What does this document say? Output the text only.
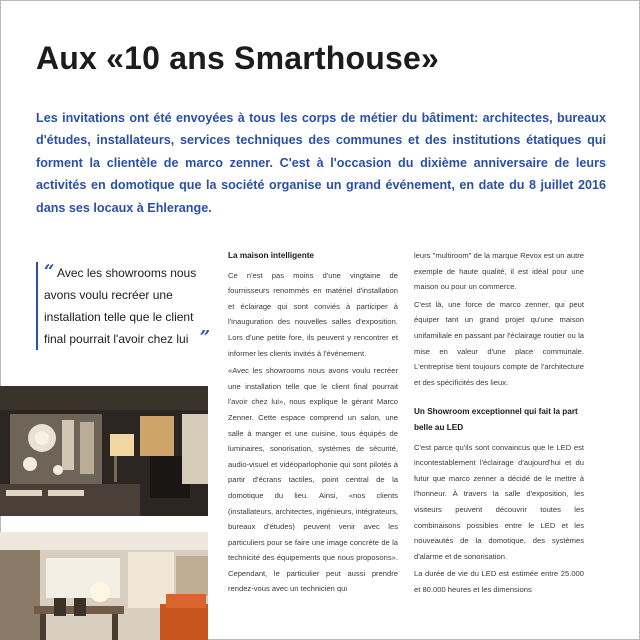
Aux «10 ans Smarthouse»
Les invitations ont été envoyées à tous les corps de métier du bâtiment: architectes, bureaux d'études, installateurs, services techniques des communes et des institutions étatiques qui forment la clientèle de marco zenner. C'est à l'occasion du dixième anniversaire de leurs activités en domotique que la société organise un grand événement, en date du 8 juillet 2016 dans ses locaux à Ehlerange.
“ Avec les showrooms nous avons voulu recréer une installation telle que le client final pourrait l'avoir chez lui ”
La maison intelligente

Ce n'est pas moins d'une vingtaine de fournisseurs renommés en matériel d'installation et éclairage qui sont conviés à participer à l'inauguration des nouvelles salles d'exposition. Lors d'une petite fore, ils peuvent y rencontrer et informer les clients invités à l'événement.

«Avec les showrooms nous avons voulu recréer une installation telle que le client final pourrait l'avoir chez lui», nous explique le gérant Marco Zenner. Cette espace comprend un salon, une salle à manger et une cuisine, tous équipés de luminaires, sonorisation, systèmes de sécurité, audio-visuel et vidéoparlophonie qui sont pilotés à partir d'écrans tactiles, point central de la domotique du lieu. Ainsi, «nos clients (installateurs, architectes, ingénieurs, intégrateurs, bureaux d'études) peuvent venir avec les particuliers pour se faire une image concrète de la technicité des équipements que nous proposons». Cependant, le particulier peut aussi prendre rendez-vous avec un technicien qui

leurs "multiroom" de la marque Revox est un autre exemple de haute qualité, il est idéal pour une maison ou pour un commerce.

C'est là, une force de marco zenner, qui peut équiper tant un grand projet qu'une maison unifamiliale en passant par l'éclairage routier ou la mise en valeur d'une place communale. L'entreprise tient toujours compte de l'architecture et des spécificités des lieux.

Un Showroom exceptionnel qui fait la part belle au LED

C'est parce qu'ils sont convaincus que le LED est incontestablement l'éclairage d'aujourd'hui et du futur que marco zenner a décidé de le mettre à l'honneur. À travers la salle d'exposition, les visiteurs peuvent découvrir toutes les combinaisons possibles entre le LED et les nouveautés de la domotique, des systèmes d'alarme et de sonorisation.

La durée de vie du LED est estimée entre 25.000 et 80.000 heures et les dimensions
